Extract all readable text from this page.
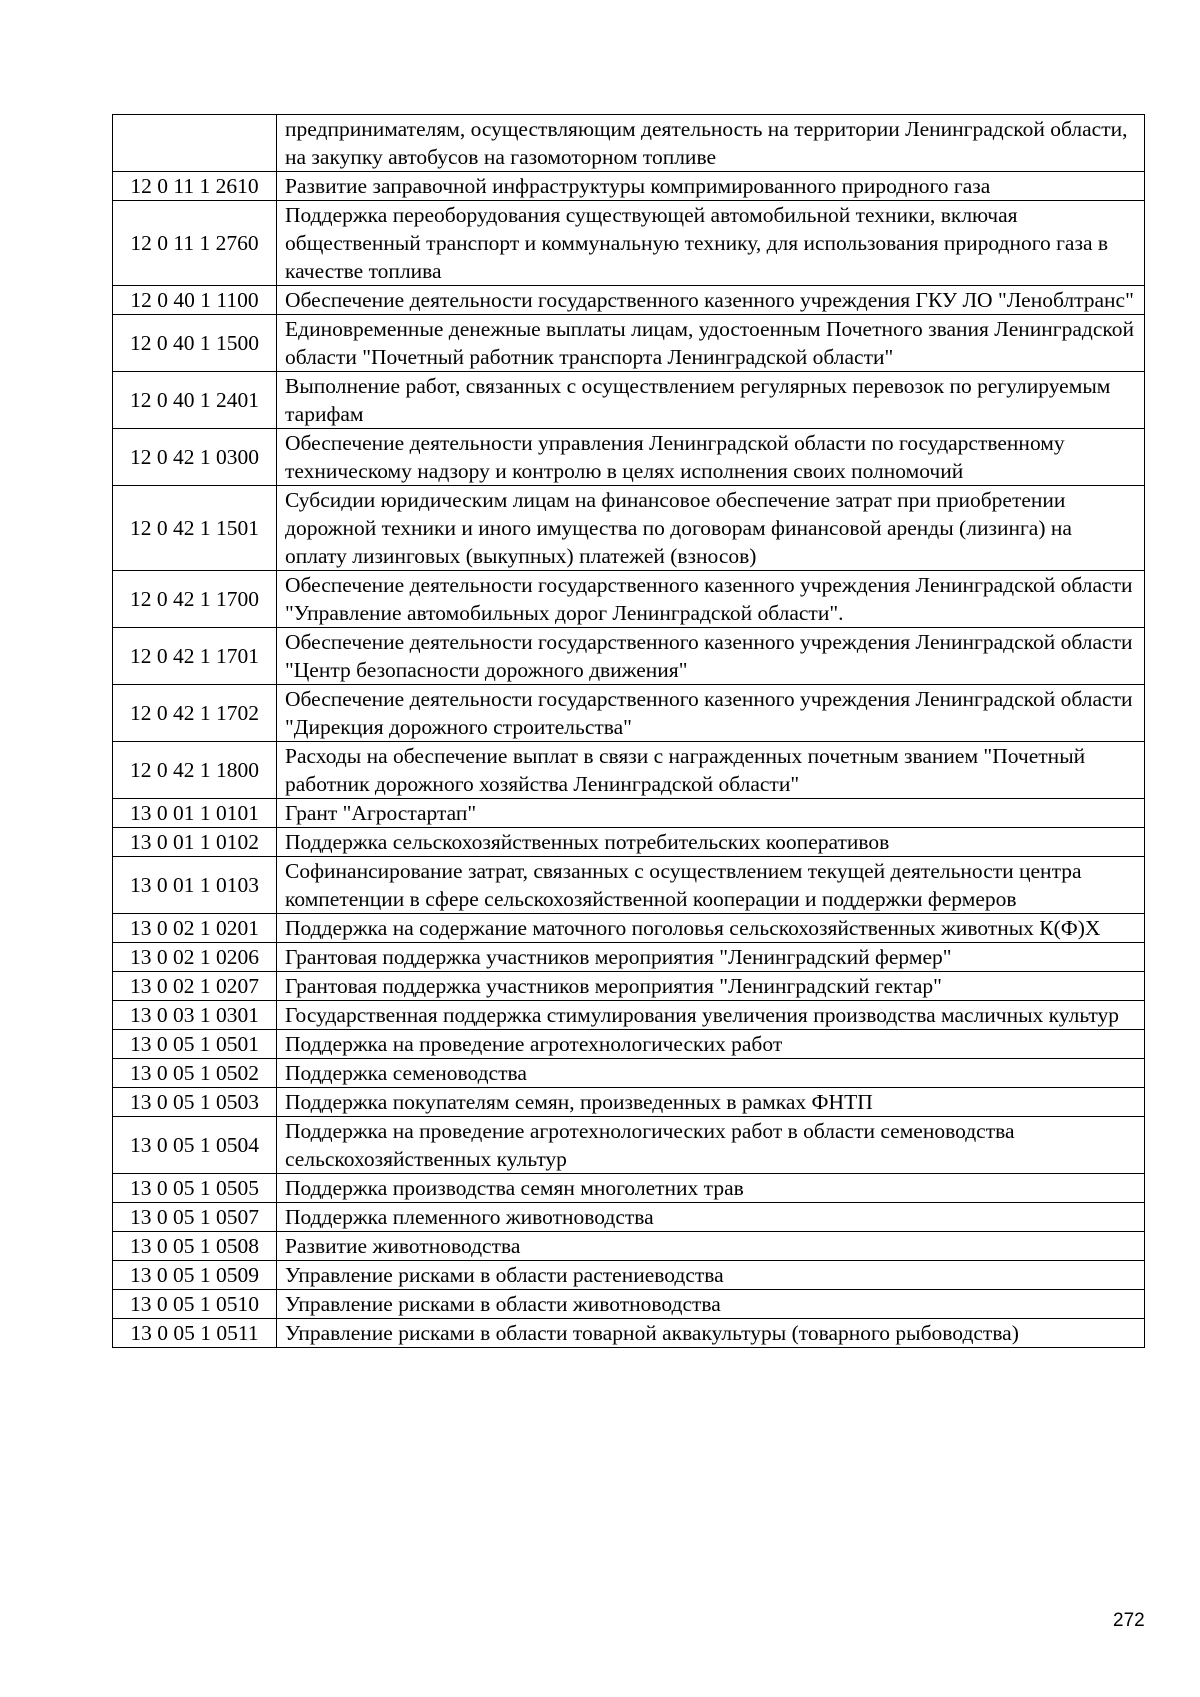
	предпринимателям, осуществляющим деятельность на территории Ленинградской области, на закупку автобусов на газомоторном топливе
12 0 11 1 2610	Развитие заправочной инфраструктуры компримированного природного газа
12 0 11 1 2760	Поддержка переоборудования существующей автомобильной техники, включая общественный транспорт и коммунальную технику, для использования природного газа в качестве топлива
12 0 40 1 1100	Обеспечение деятельности государственного казенного учреждения ГКУ ЛО "Леноблтранс"
12 0 40 1 1500	Единовременные денежные выплаты лицам, удостоенным Почетного звания Ленинградской области "Почетный работник транспорта Ленинградской области"
12 0 40 1 2401	Выполнение работ, связанных с осуществлением регулярных перевозок по регулируемым тарифам
12 0 42 1 0300	Обеспечение деятельности управления Ленинградской области по государственному техническому надзору и контролю в целях исполнения своих полномочий
12 0 42 1 1501	Субсидии юридическим лицам на финансовое обеспечение затрат при приобретении дорожной техники и иного имущества по договорам финансовой аренды (лизинга) на оплату лизинговых (выкупных) платежей (взносов)
12 0 42 1 1700	Обеспечение деятельности государственного казенного учреждения Ленинградской области "Управление автомобильных дорог Ленинградской области".
12 0 42 1 1701	Обеспечение деятельности государственного казенного учреждения Ленинградской области "Центр безопасности дорожного движения"
12 0 42 1 1702	Обеспечение деятельности государственного казенного учреждения Ленинградской области "Дирекция дорожного строительства"
12 0 42 1 1800	Расходы на обеспечение выплат в связи с награжденных почетным званием "Почетный работник дорожного хозяйства Ленинградской области"
13 0 01 1 0101	Грант "Агростартап"
13 0 01 1 0102	Поддержка сельскохозяйственных потребительских кооперативов
13 0 01 1 0103	Софинансирование затрат, связанных с осуществлением текущей деятельности центра компетенции в сфере сельскохозяйственной кооперации и поддержки фермеров
13 0 02 1 0201	Поддержка на содержание маточного поголовья сельскохозяйственных животных К(Ф)Х
13 0 02 1 0206	Грантовая поддержка участников мероприятия "Ленинградский фермер"
13 0 02 1 0207	Грантовая поддержка участников мероприятия "Ленинградский гектар"
13 0 03 1 0301	Государственная поддержка стимулирования увеличения производства масличных культур
13 0 05 1 0501	Поддержка на проведение агротехнологических работ
13 0 05 1 0502	Поддержка семеноводства
13 0 05 1 0503	Поддержка покупателям семян, произведенных в рамках ФНТП
13 0 05 1 0504	Поддержка на проведение агротехнологических работ в области семеноводства сельскохозяйственных культур
13 0 05 1 0505	Поддержка производства семян многолетних трав
13 0 05 1 0507	Поддержка племенного животноводства
13 0 05 1 0508	Развитие животноводства
13 0 05 1 0509	Управление рисками в области растениеводства
13 0 05 1 0510	Управление рисками в области животноводства
13 0 05 1 0511	Управление рисками в области товарной аквакультуры (товарного рыбоводства)
272
